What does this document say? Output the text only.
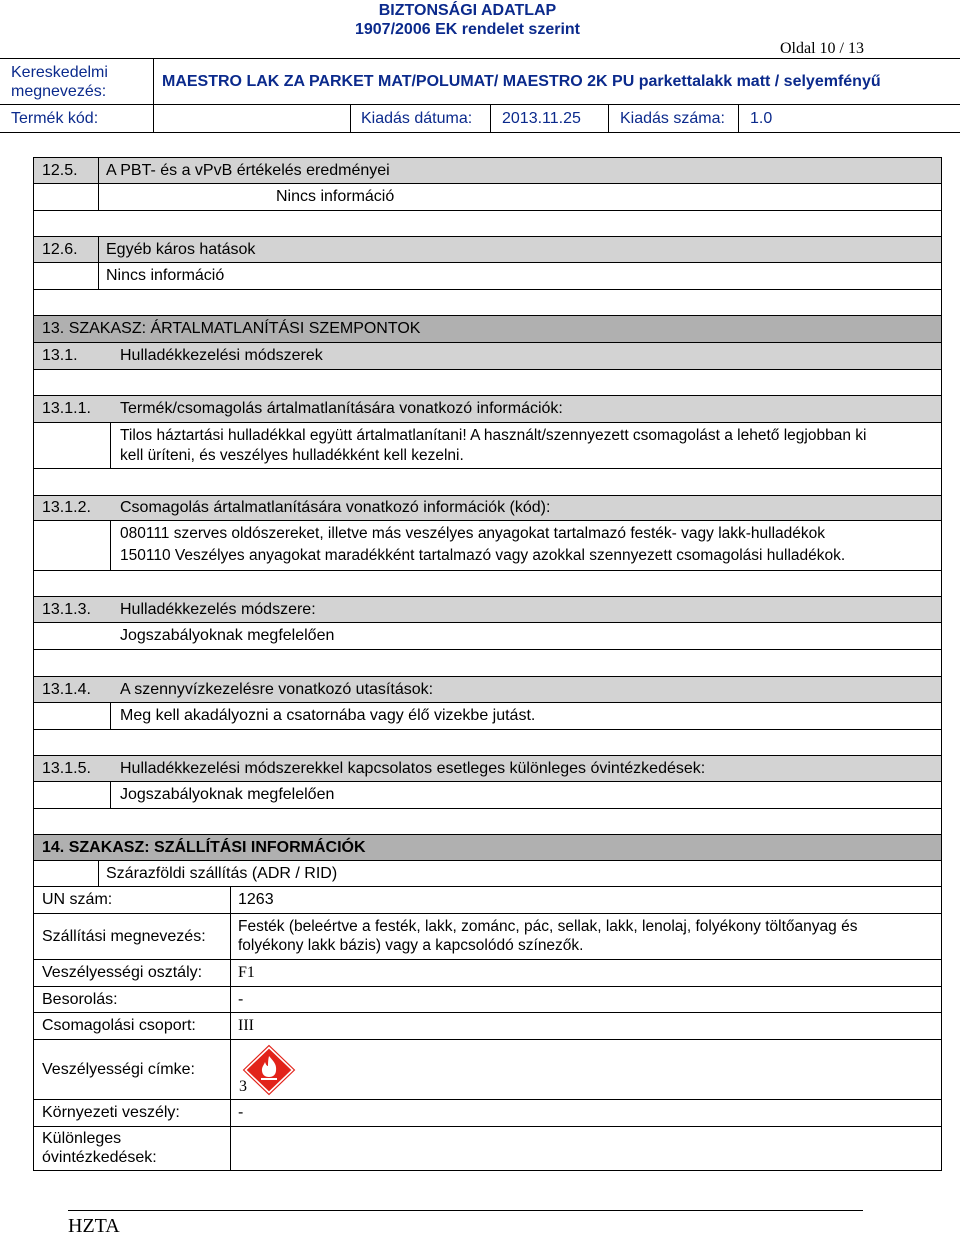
BIZTONSÁGI ADATLAP
1907/2006 EK rendelet szerint
Oldal 10 / 13
Kereskedelmi
megnevezés:
MAESTRO LAK ZA PARKET MAT/POLUMAT/ MAESTRO 2K PU parkettalakk matt / selyemfényű
Termék kód:	Kiadás dátuma: 2013.11.25 Kiadás száma: 1.0
12.5.	A PBT- és a vPvB értékelés eredményei
Nincs információ
12.6.	Egyéb káros hatások
Nincs információ
13. SZAKASZ: ÁRTALMATLANÍTÁSI SZEMPONTOK
13.1.	Hulladékkezelési módszerek
13.1.1.	Termék/csomagolás ártalmatlanítására vonatkozó információk:
Tilos háztartási hulladékkal együtt ártalmatlanítani! A használt/szennyezett csomagolást a lehető legjobban ki
kell üríteni, és veszélyes hulladékként kell kezelni.
13.1.2.	Csomagolás ártalmatlanítására vonatkozó információk (kód):
080111 szerves oldószereket, illetve más veszélyes anyagokat tartalmazó festék- vagy lakk-hulladékok
150110 Veszélyes anyagokat maradékként tartalmazó vagy azokkal szennyezett csomagolási hulladékok.
13.1.3.	Hulladékkezelés módszere:
Jogszabályoknak megfelelően
13.1.4.	A szennyvízkezelésre vonatkozó utasítások:
Meg kell akadályozni a csatornába vagy élő vizekbe jutást.
13.1.5.	Hulladékkezelési módszerekkel kapcsolatos esetleges különleges óvintézkedések:
Jogszabályoknak megfelelően
14. SZAKASZ: SZÁLLÍTÁSI INFORMÁCIÓK
Szárazföldi szállítás (ADR / RID)
UN szám:	1263
Szállítási megnevezés:
Festék (beleértve a festék, lakk, zománc, pác, sellak, lakk, lenolaj, folyékony töltőanyag és
folyékony lakk bázis) vagy a kapcsolódó színezők.
Veszélyességi osztály:	F1
Besorolás:	-
Csomagolási csoport:	III
Veszélyességi címke:
3
Környezeti veszély:	-
Különleges
óvintézkedések:
HZTA
